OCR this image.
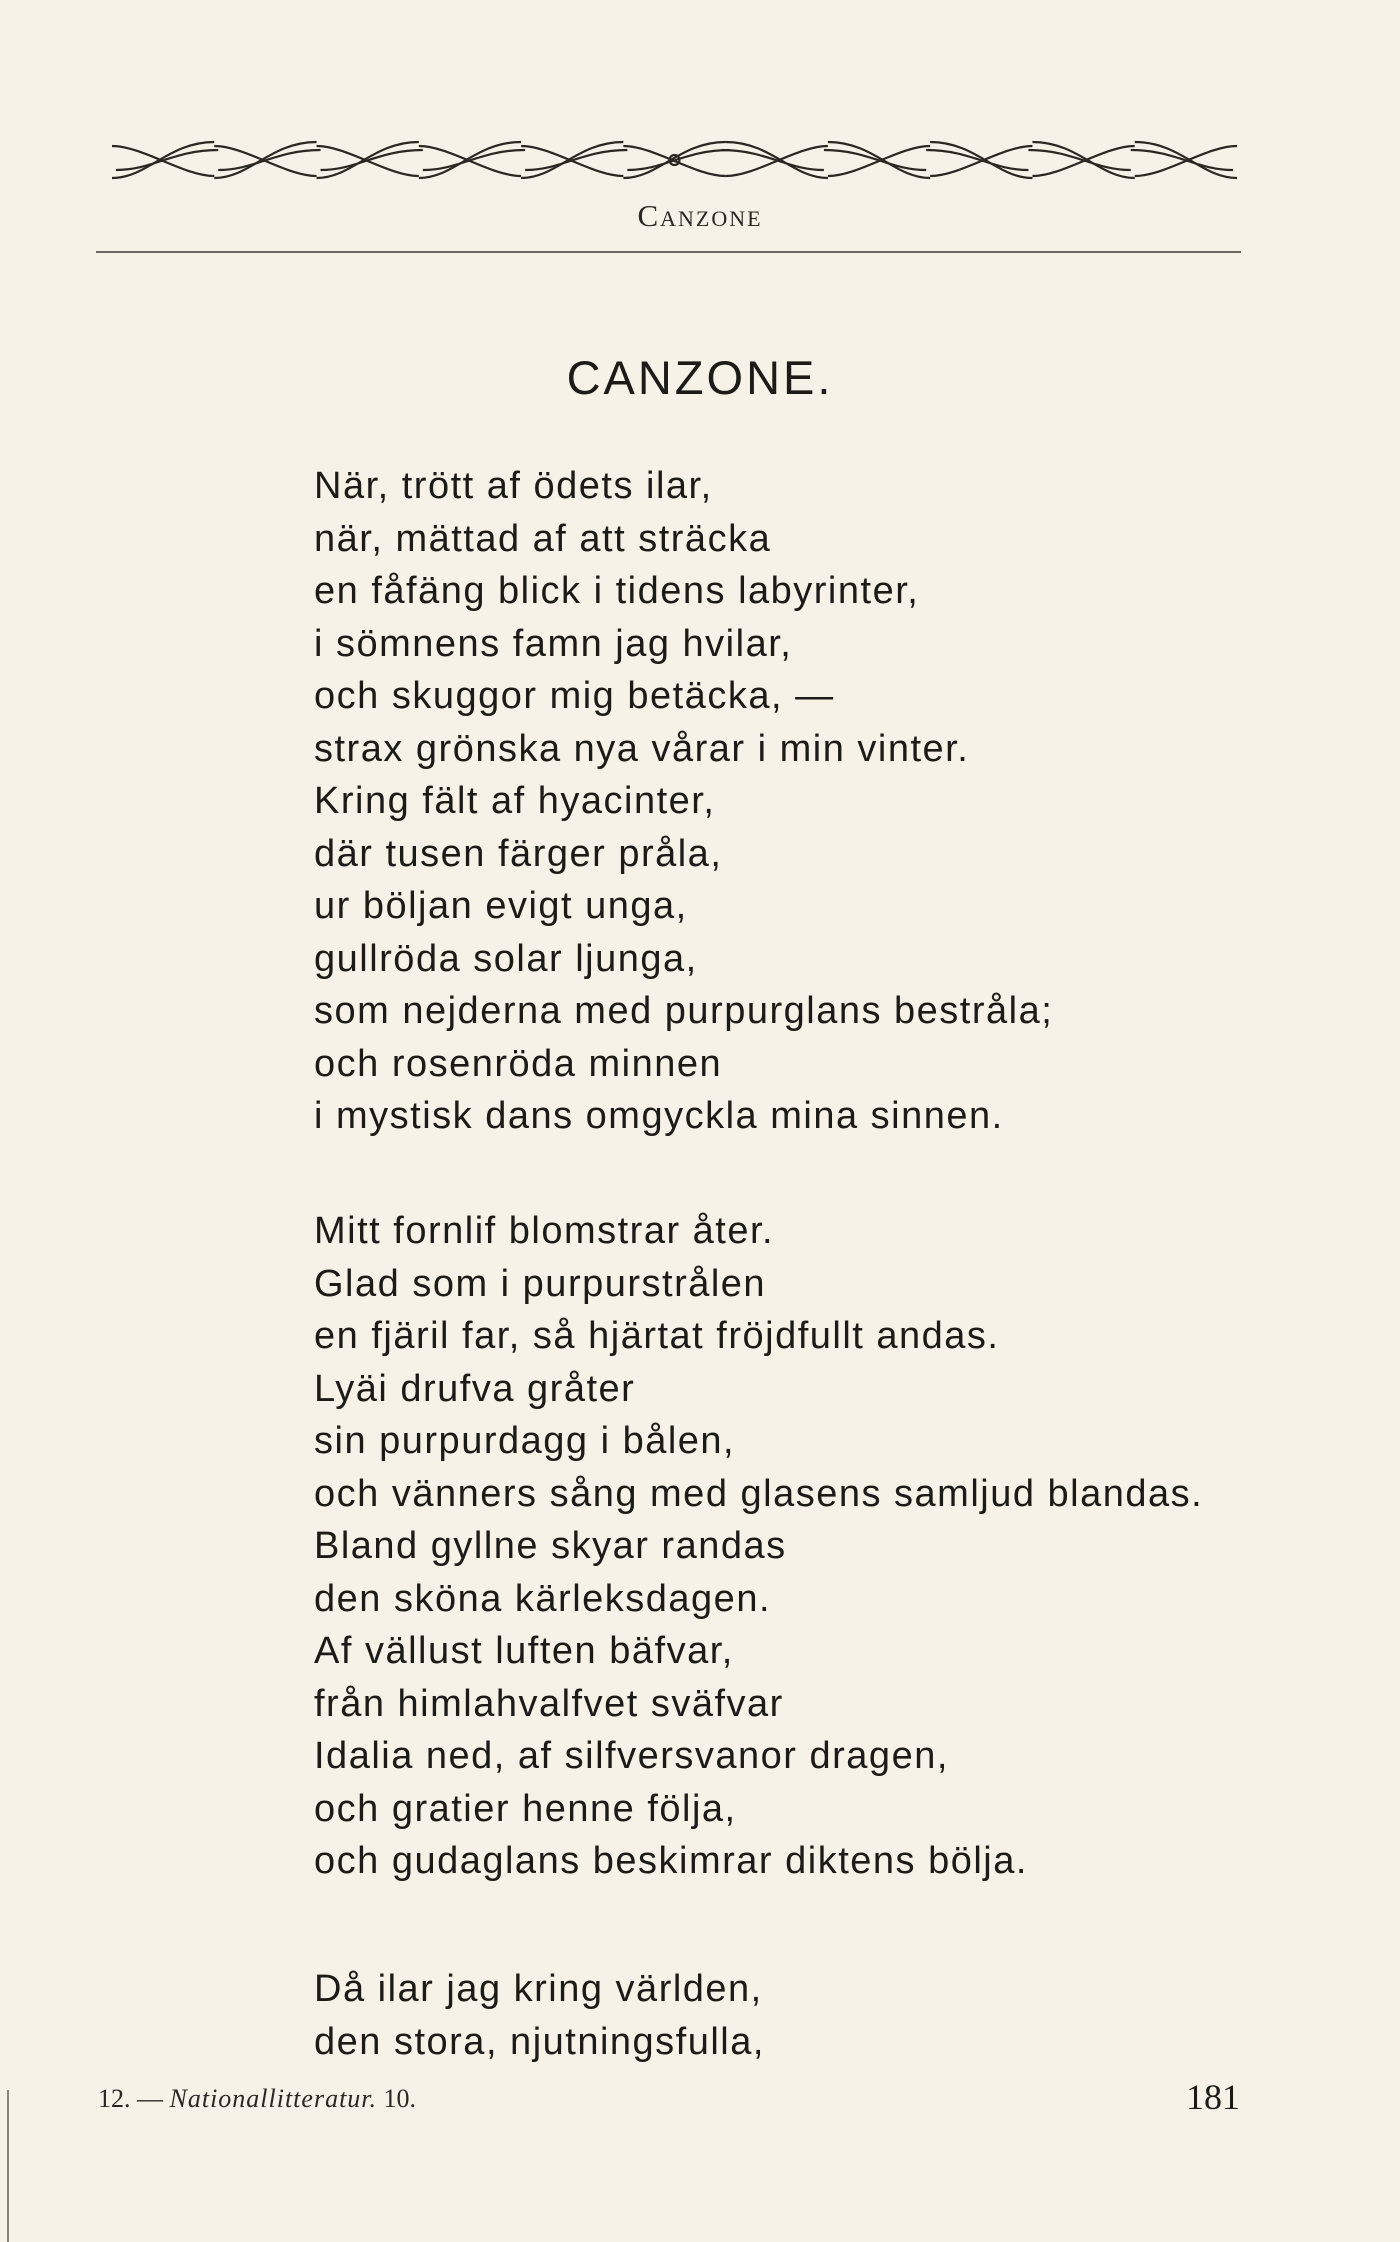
Canzone
CANZONE.
När, trött af ödets ilar,
när, mättad af att sträcka
en fåfäng blick i tidens labyrinter,
i sömnens famn jag hvilar,
och skuggor mig betäcka, —
strax grönska nya vårar i min vinter.
Kring fält af hyacinter,
där tusen färger pråla,
ur böljan evigt unga,
gullröda solar ljunga,
som nejderna med purpurglans bestråla;
och rosenröda minnen
i mystisk dans omgyckla mina sinnen.
Mitt fornlif blomstrar åter.
Glad som i purpurstrålen
en fjäril far, så hjärtat fröjdfullt andas.
Lyäi drufva gråter
sin purpurdagg i bålen,
och vänners sång med glasens samljud blandas.
Bland gyllne skyar randas
den sköna kärleksdagen.
Af vällust luften bäfvar,
från himlahvalfvet sväfvar
Idalia ned, af silfversvanor dragen,
och gratier henne följa,
och gudaglans beskimrar diktens bölja.
Då ilar jag kring världen,
den stora, njutningsfulla,
12. — Nationallitteratur. 10.	181
